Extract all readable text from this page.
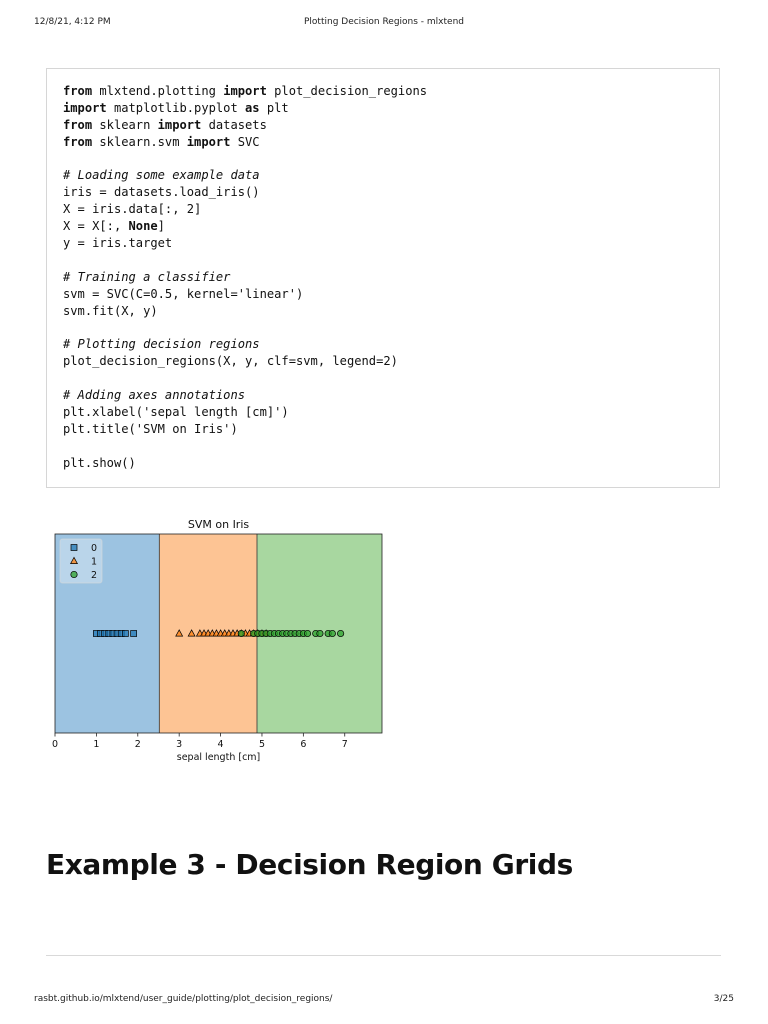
12/8/21, 4:12 PM	Plotting Decision Regions - mlxtend
from mlxtend.plotting import plot_decision_regions
import matplotlib.pyplot as plt
from sklearn import datasets
from sklearn.svm import SVC

# Loading some example data
iris = datasets.load_iris()
X = iris.data[:, 2]
X = X[:, None]
y = iris.target

# Training a classifier
svm = SVC(C=0.5, kernel='linear')
svm.fit(X, y)

# Plotting decision regions
plot_decision_regions(X, y, clf=svm, legend=2)

# Adding axes annotations
plt.xlabel('sepal length [cm]')
plt.title('SVM on Iris')

plt.show()
SVM on Iris
0	1	2	3	4	5	6	7
sepal length [cm]
0
1
2
Example 3 - Decision Region Grids
rasbt.github.io/mlxtend/user_guide/plotting/plot_decision_regions/	3/25
